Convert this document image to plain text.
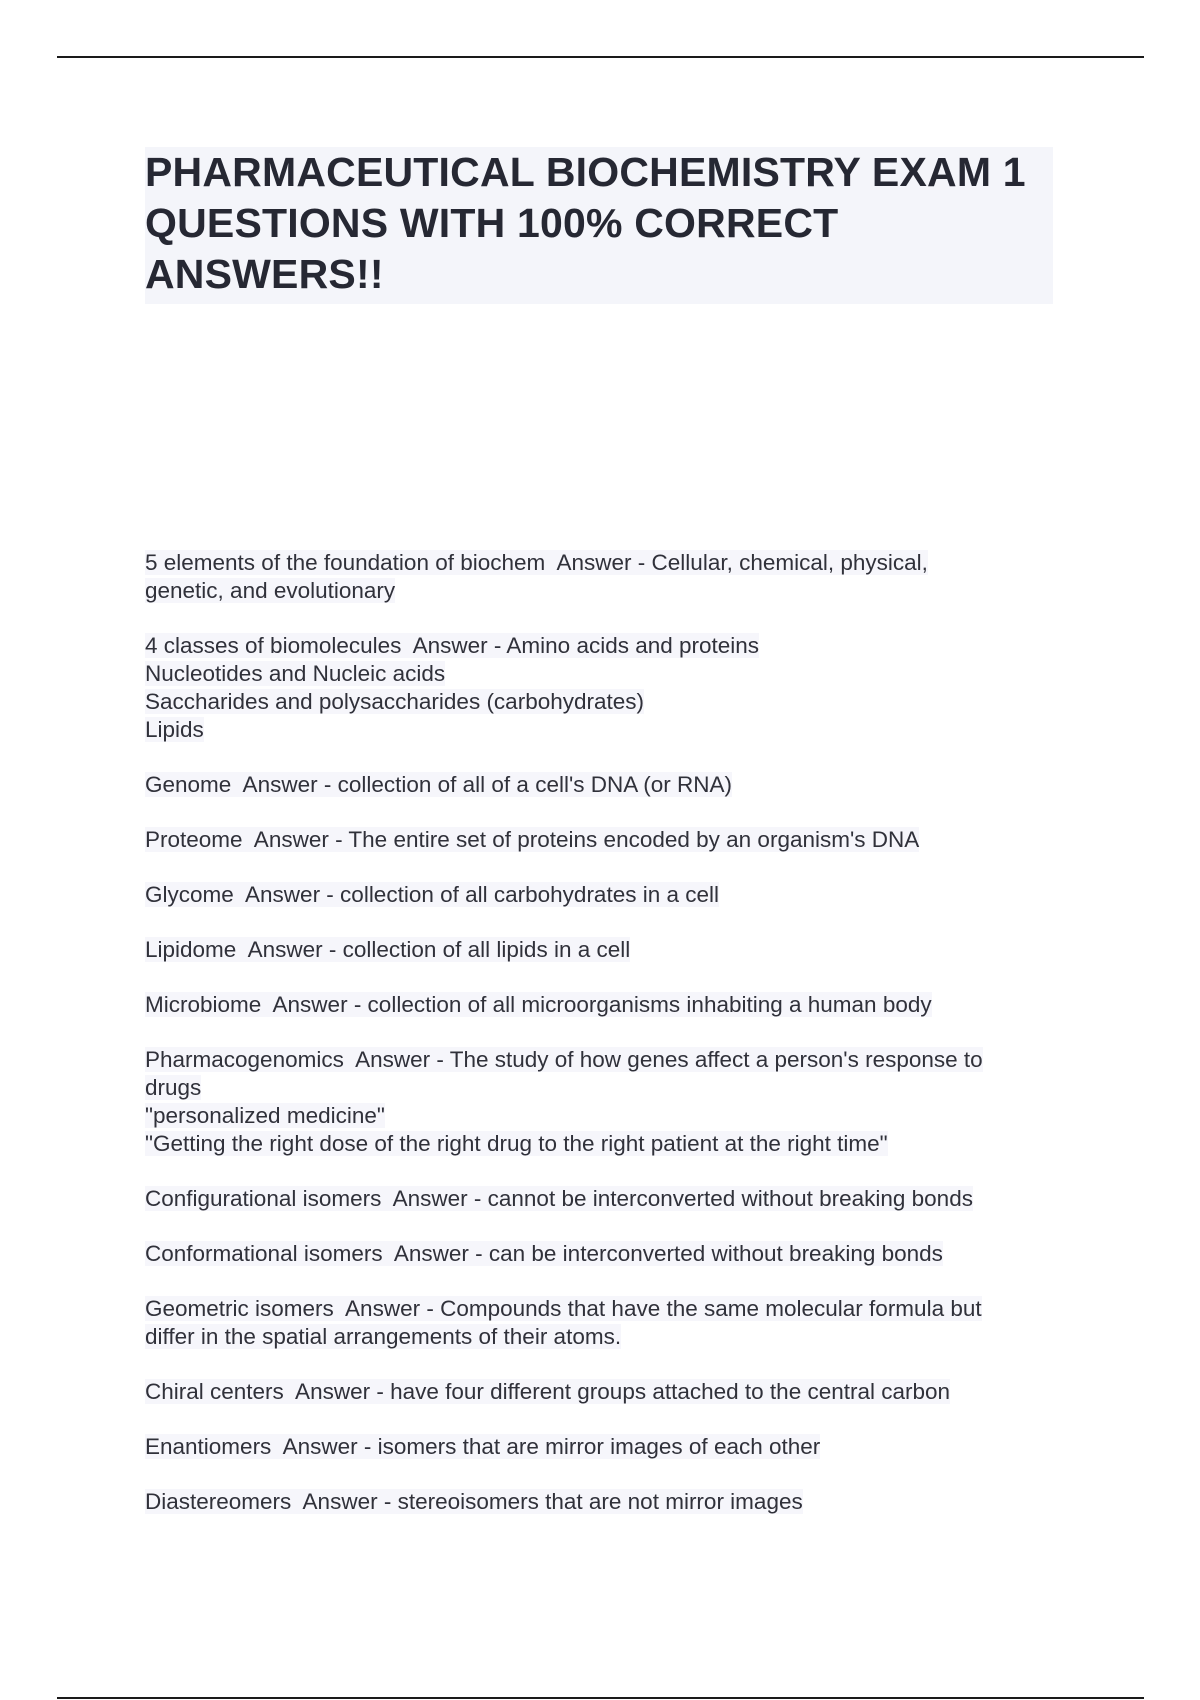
PHARMACEUTICAL BIOCHEMISTRY EXAM 1 QUESTIONS WITH 100% CORRECT ANSWERS!!
5 elements of the foundation of biochem  Answer - Cellular, chemical, physical,
genetic, and evolutionary
4 classes of biomolecules  Answer - Amino acids and proteins
Nucleotides and Nucleic acids
Saccharides and polysaccharides (carbohydrates)
Lipids
Genome  Answer - collection of all of a cell's DNA (or RNA)
Proteome  Answer - The entire set of proteins encoded by an organism's DNA
Glycome  Answer - collection of all carbohydrates in a cell
Lipidome  Answer - collection of all lipids in a cell
Microbiome  Answer - collection of all microorganisms inhabiting a human body
Pharmacogenomics  Answer - The study of how genes affect a person's response to
drugs
"personalized medicine"
"Getting the right dose of the right drug to the right patient at the right time"
Configurational isomers  Answer - cannot be interconverted without breaking bonds
Conformational isomers  Answer - can be interconverted without breaking bonds
Geometric isomers  Answer - Compounds that have the same molecular formula but
differ in the spatial arrangements of their atoms.
Chiral centers  Answer - have four different groups attached to the central carbon
Enantiomers  Answer - isomers that are mirror images of each other
Diastereomers  Answer - stereoisomers that are not mirror images
